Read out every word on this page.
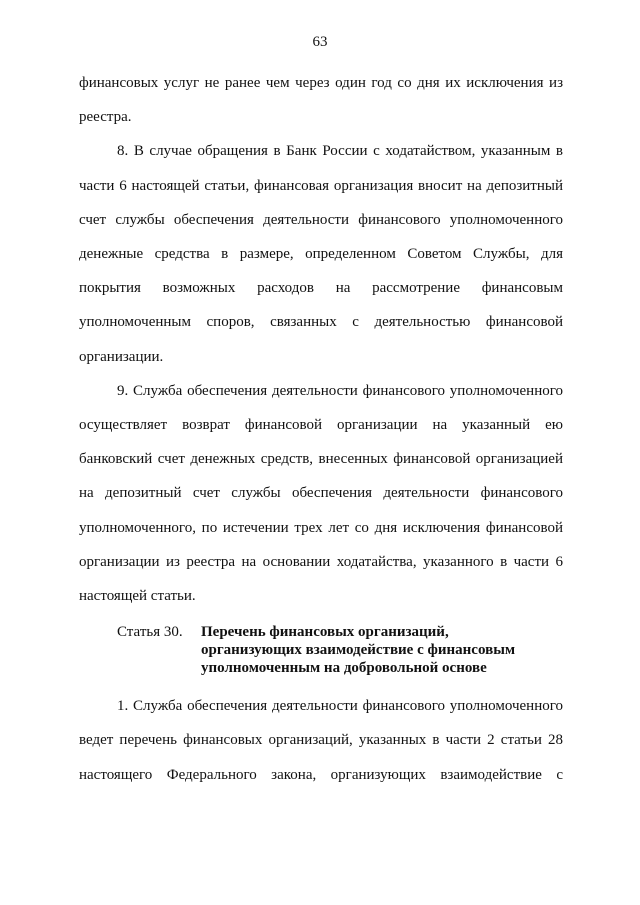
63

финансовых услуг не ранее чем через один год со дня их исключения из реестра.

8. В случае обращения в Банк России с ходатайством, указанным в части 6 настоящей статьи, финансовая организация вносит на депозитный счет службы обеспечения деятельности финансового уполномоченного денежные средства в размере, определенном Советом Службы, для покрытия возможных расходов на рассмотрение финансовым уполномоченным споров, связанных с деятельностью финансовой организации.

9. Служба обеспечения деятельности финансового уполномоченного осуществляет возврат финансовой организации на указанный ею банковский счет денежных средств, внесенных финансовой организацией на депозитный счет службы обеспечения деятельности финансового уполномоченного, по истечении трех лет со дня исключения финансовой организации из реестра на основании ходатайства, указанного в части 6 настоящей статьи.

Статья 30.	Перечень финансовых организаций, организующих взаимодействие с финансовым уполномоченным на добровольной основе

1. Служба обеспечения деятельности финансового уполномоченного ведет перечень финансовых организаций, указанных в части 2 статьи 28 настоящего Федерального закона, организующих взаимодействие с
